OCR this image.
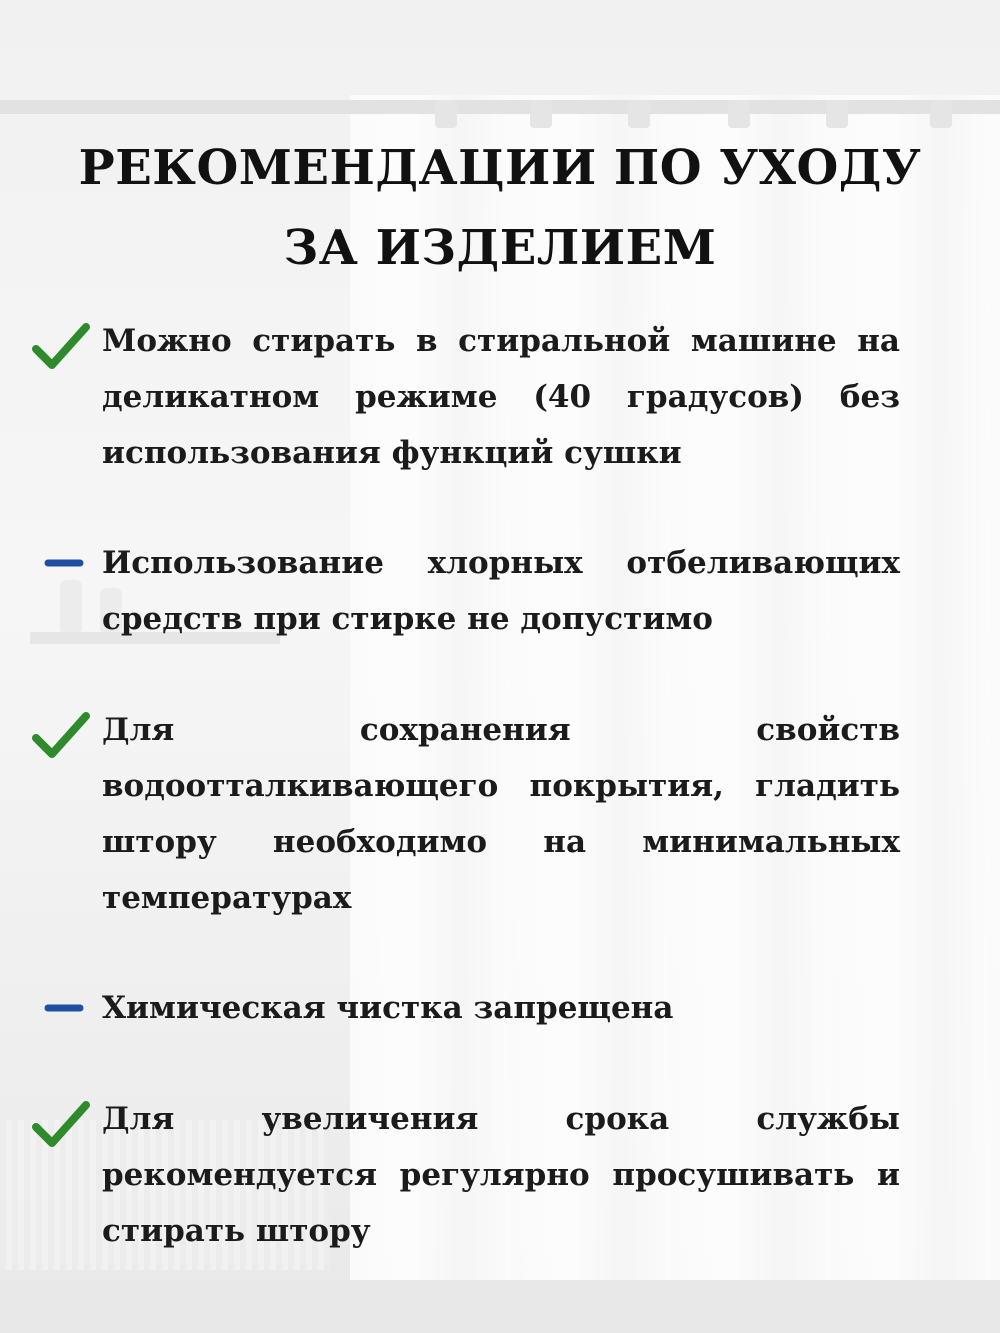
РЕКОМЕНДАЦИИ ПО УХОДУ
ЗА ИЗДЕЛИЕМ

Можно стирать в стиральной машине на деликатном режиме (40 градусов) без использования функций сушки

Использование хлорных отбеливающих средств при стирке не допустимо

Для сохранения свойств водоотталкивающего покрытия, гладить штору необходимо на минимальных температурах

Химическая чистка запрещена

Для увеличения срока службы рекомендуется регулярно просушивать и стирать штору
